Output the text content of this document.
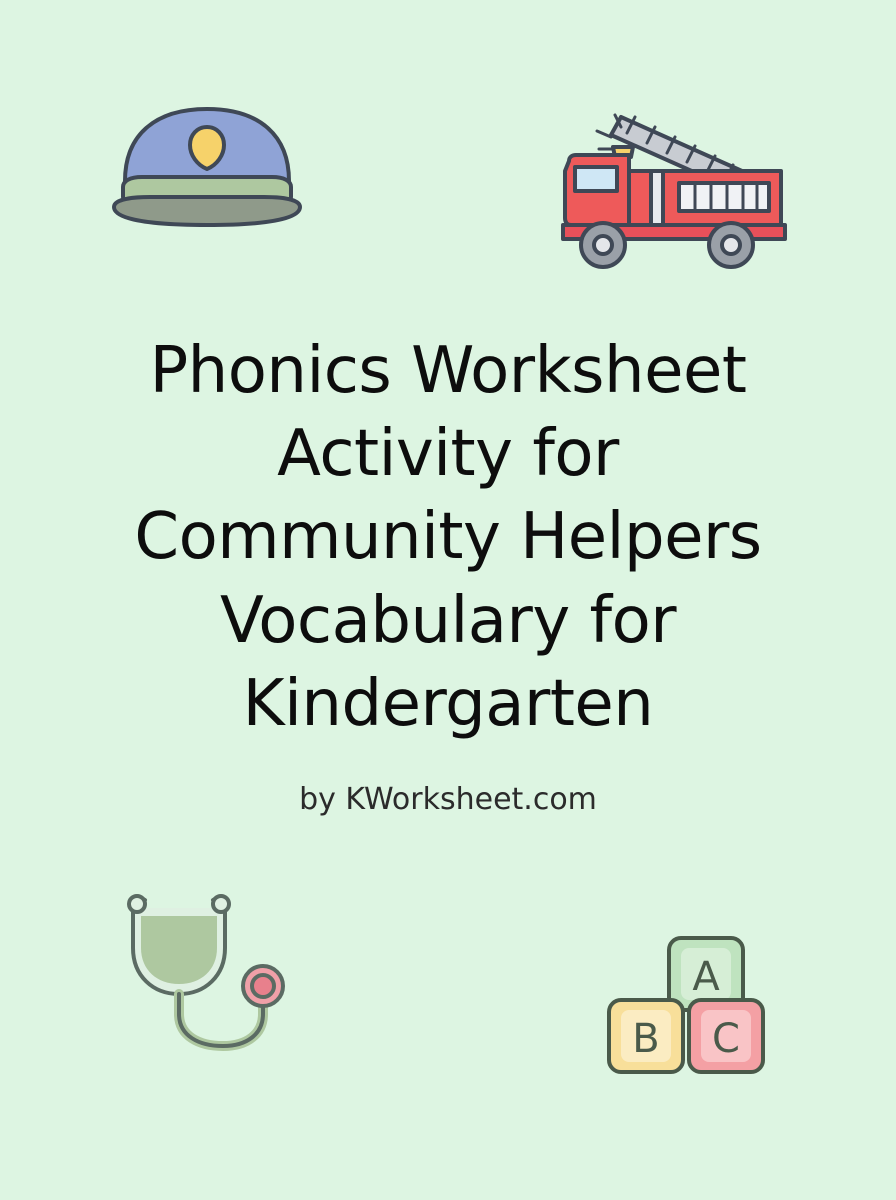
A
B C
Phonics Worksheet
Activity for
Community Helpers
Vocabulary for
Kindergarten

by KWorksheet.com
